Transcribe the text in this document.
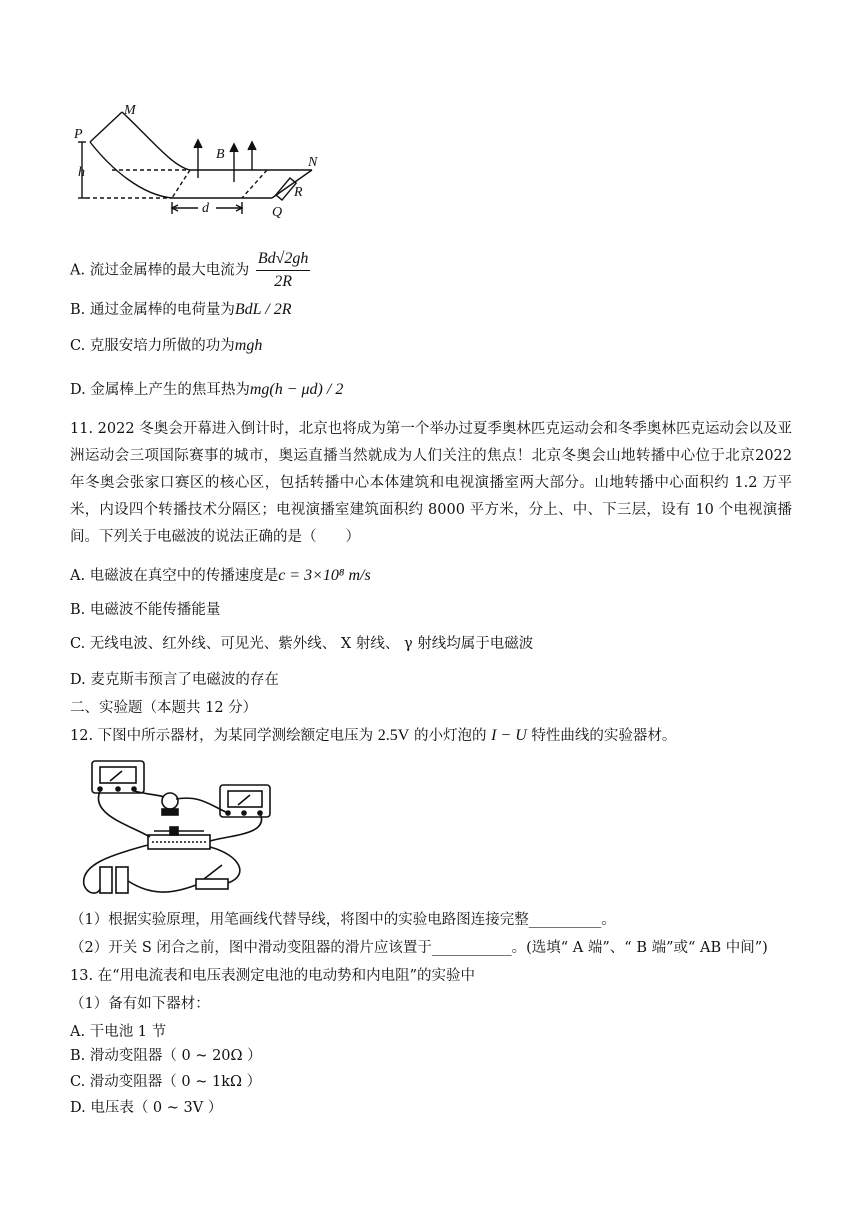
P
M
B
N
h
R
d	Q
A. 流过金属棒的最大电流为 $\frac{Bd√2gh}{2R}$
B. 通过金属棒的电荷量为BdL / 2R
C. 克服安培力所做的功为mgh
D. 金属棒上产生的焦耳热为mg(h − μd) / 2
11. 2022 冬奥会开幕进入倒计时，北京也将成为第一个举办过夏季奥林匹克运动会和冬季奥林匹克运动会以及亚洲运动会三项国际赛事的城市，奥运直播当然就成为人们关注的焦点！北京冬奥会山地转播中心位于北京2022 年冬奥会张家口赛区的核心区，包括转播中心本体建筑和电视演播室两大部分。山地转播中心面积约 1.2 万平米，内设四个转播技术分隔区；电视演播室建筑面积约 8000 平方米，分上、中、下三层，设有 10 个电视演播间。下列关于电磁波的说法正确的是（　　）
A. 电磁波在真空中的传播速度是c = 3×10⁸ m/s
B. 电磁波不能传播能量
C. 无线电波、红外线、可见光、紫外线、 X 射线、 γ 射线均属于电磁波
D. 麦克斯韦预言了电磁波的存在
二、实验题（本题共 12 分）
12. 下图中所示器材，为某同学测绘额定电压为 2.5V 的小灯泡的 I − U 特性曲线的实验器材。
（1）根据实验原理，用笔画线代替导线，将图中的实验电路图连接完整__________。
（2）开关 S 闭合之前，图中滑动变阻器的滑片应该置于___________。(选填“ A 端”、“ B 端”或“ AB 中间”)
13. 在“用电流表和电压表测定电池的电动势和内电阻”的实验中
（1）备有如下器材：
A. 干电池 1 节
B. 滑动变阻器（ 0 ~ 20Ω ）
C. 滑动变阻器（ 0 ~ 1kΩ ）
D. 电压表（ 0 ~ 3V ）
